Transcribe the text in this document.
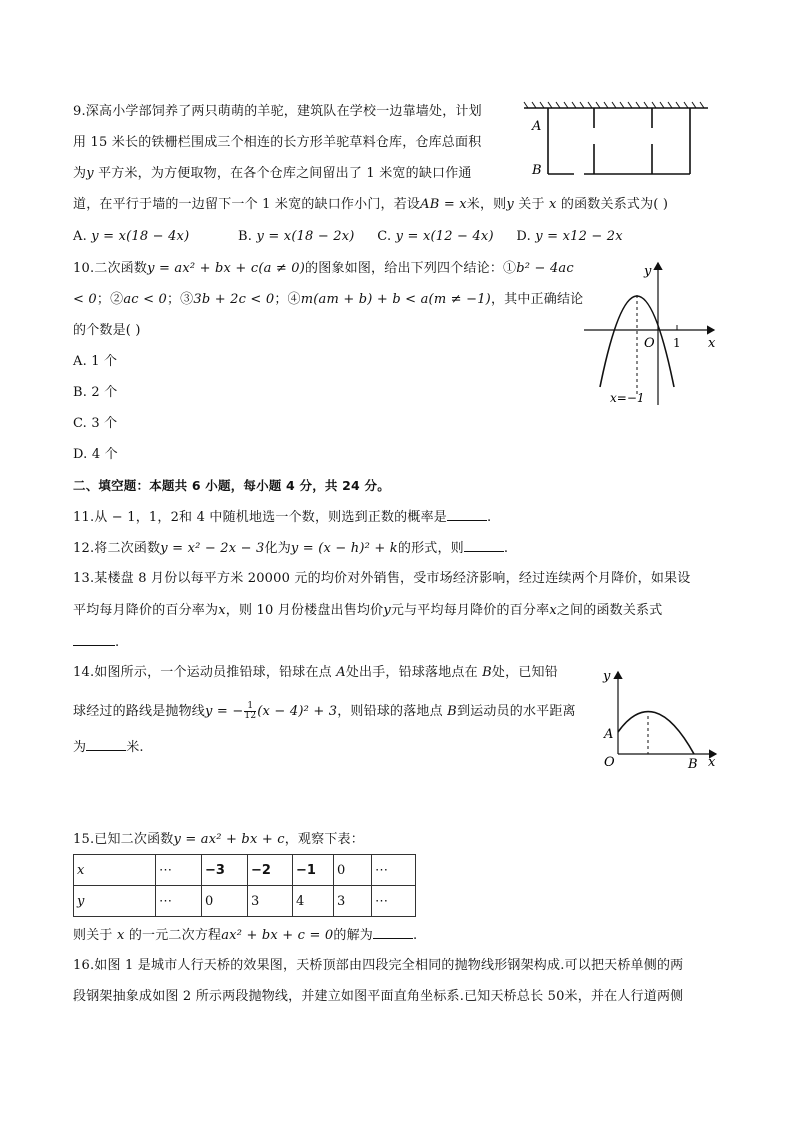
9.深高小学部饲养了两只萌萌的羊驼，建筑队在学校一边靠墙处，计划
用 15 米长的铁栅栏围成三个相连的长方形羊驼草料仓库，仓库总面积
为y 平方米，为方便取物，在各个仓库之间留出了 1 米宽的缺口作通
道，在平行于墙的一边留下一个 1 米宽的缺口作小门，若设AB = x米，则y 关于 x 的函数关系式为( )
A. y = x(18 − 4x)	B. y = x(18 − 2x) C. y = x(12 − 4x) D. y = x12 − 2x
A
B
10.二次函数y = ax² + bx + c(a ≠ 0)的图象如图，给出下列四个结论：①b² − 4ac
< 0；②ac < 0；③3b + 2c < 0；④m(am + b) + b < a(m ≠ −1)，其中正确结论
的个数是( )
A. 1 个
B. 2 个
C. 3 个
D. 4 个
y
x
O 1
x=−1
二、填空题：本题共 6 小题，每小题 4 分，共 24 分。
11.从 − 1，1，2和 4 中随机地选一个数，则选到正数的概率是	.
12.将二次函数y = x² − 2x − 3化为y = (x − h)² + k的形式，则	.
13.某楼盘 8 月份以每平方米 20000 元的均价对外销售，受市场经济影响，经过连续两个月降价，如果设
平均每月降价的百分率为x，则 10 月份楼盘出售均价y元与平均每月降价的百分率x之间的函数关系式
.
14.如图所示，一个运动员推铅球，铅球在点 A处出手，铅球落地点在 B处，已知铅
球经过的路线是抛物线y = − $\frac{1}{12} (x - 4)^2 + 3$，则铅球的落地点 B到运动员的水平距离
为	米.
y
x
O
A
B
15.已知二次函数y = ax² + bx + c，观察下表：
x	⋯	−3	−2	−1	0	⋯
y	⋯	0	3	4	3	⋯
则关于 x 的一元二次方程ax² + bx + c = 0的解为	.
16.如图 1 是城市人行天桥的效果图，天桥顶部由四段完全相同的抛物线形钢架构成.可以把天桥单侧的两
段钢架抽象成如图 2 所示两段抛物线，并建立如图平面直角坐标系.已知天桥总长 50米，并在人行道两侧
